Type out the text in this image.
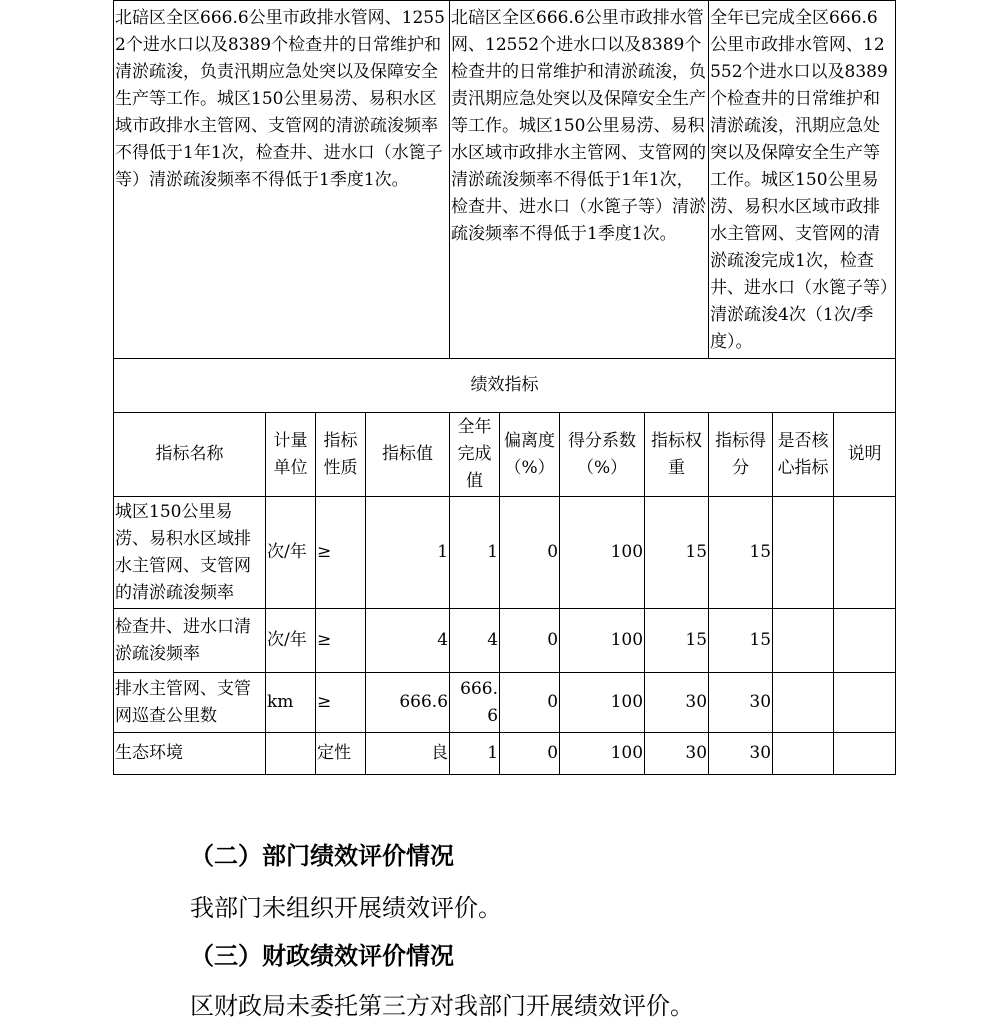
北碚区全区666.6公里市政排水管网、12552个进水口以及8389个检查井的日常维护和清淤疏浚，负责汛期应急处突以及保障安全生产等工作。城区150公里易涝、易积水区域市政排水主管网、支管网的清淤疏浚频率不得低于1年1次，检查井、进水口（水篦子等）清淤疏浚频率不得低于1季度1次。				北碚区全区666.6公里市政排水管网、12552个进水口以及8389个检查井的日常维护和清淤疏浚，负责汛期应急处突以及保障安全生产等工作。城区150公里易涝、易积水区域市政排水主管网、支管网的清淤疏浚频率不得低于1年1次，检查井、进水口（水篦子等）清淤疏浚频率不得低于1季度1次。				全年已完成全区666.6公里市政排水管网、12552个进水口以及8389个检查井的日常维护和清淤疏浚，汛期应急处突以及保障安全生产等工作。城区150公里易涝、易积水区域市政排水主管网、支管网的清淤疏浚完成1次，检查井、进水口（水篦子等）清淤疏浚4次（1次/季度）。		
绩效指标										
指标名称	计量单位	指标性质	指标值	全年完成值	偏离度（%）	得分系数（%）	指标权重	指标得分	是否核心指标	说明
城区150公里易涝、易积水区域排水主管网、支管网的清淤疏浚频率	次/年	≥	1	1	0	100	15	15		
检查井、进水口清淤疏浚频率	次/年	≥	4	4	0	100	15	15		
排水主管网、支管网巡查公里数	km	≥	666.6	666.6	0	100	30	30		
生态环境		定性	良	1	0	100	30	30		
（二）部门绩效评价情况
我部门未组织开展绩效评价。
（三）财政绩效评价情况
区财政局未委托第三方对我部门开展绩效评价。
